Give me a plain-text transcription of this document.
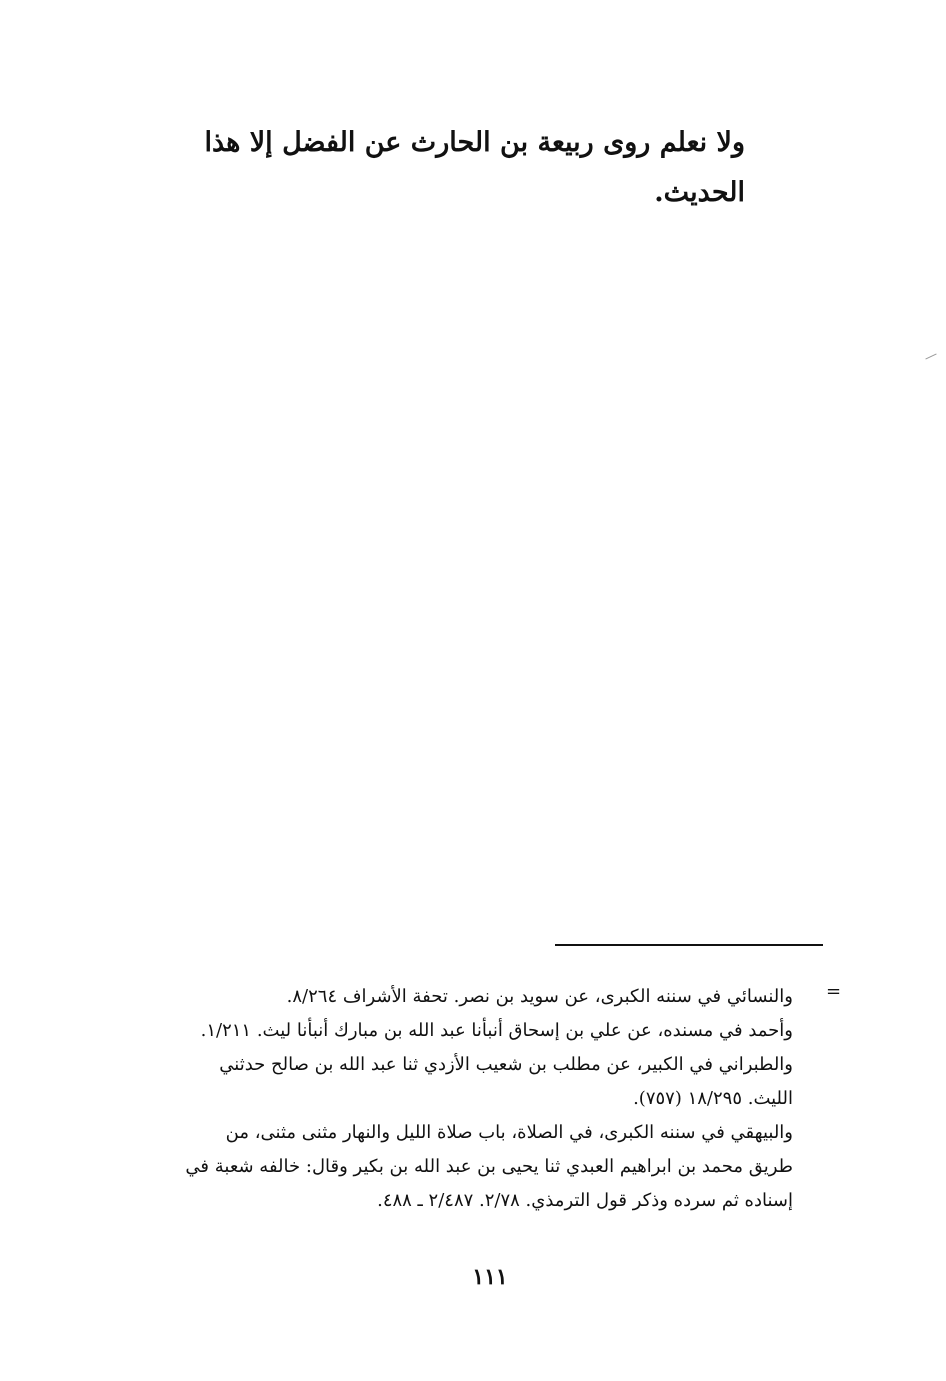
ولا نعلم روى ربيعة بن الحارث عن الفضل إلا هذا

الحديث.

=

والنسائي في سننه الكبرى، عن سويد بن نصر. تحفة الأشراف ٨/٢٦٤.

وأحمد في مسنده، عن علي بن إسحاق أنبأنا عبد الله بن مبارك أنبأنا ليث. ١/٢١١.

والطبراني في الكبير، عن مطلب بن شعيب الأزدي ثنا عبد الله بن صالح حدثني

الليث. ١٨/٢٩٥ (٧٥٧).

والبيهقي في سننه الكبرى، في الصلاة، باب صلاة الليل والنهار مثنى مثنى، من

طريق محمد بن ابراهيم العبدي ثنا يحيى بن عبد الله بن بكير وقال: خالفه شعبة في

إسناده ثم سرده وذكر قول الترمذي. ٢/٧٨. ٢/٤٨٧ ـ ٤٨٨.

١١١
